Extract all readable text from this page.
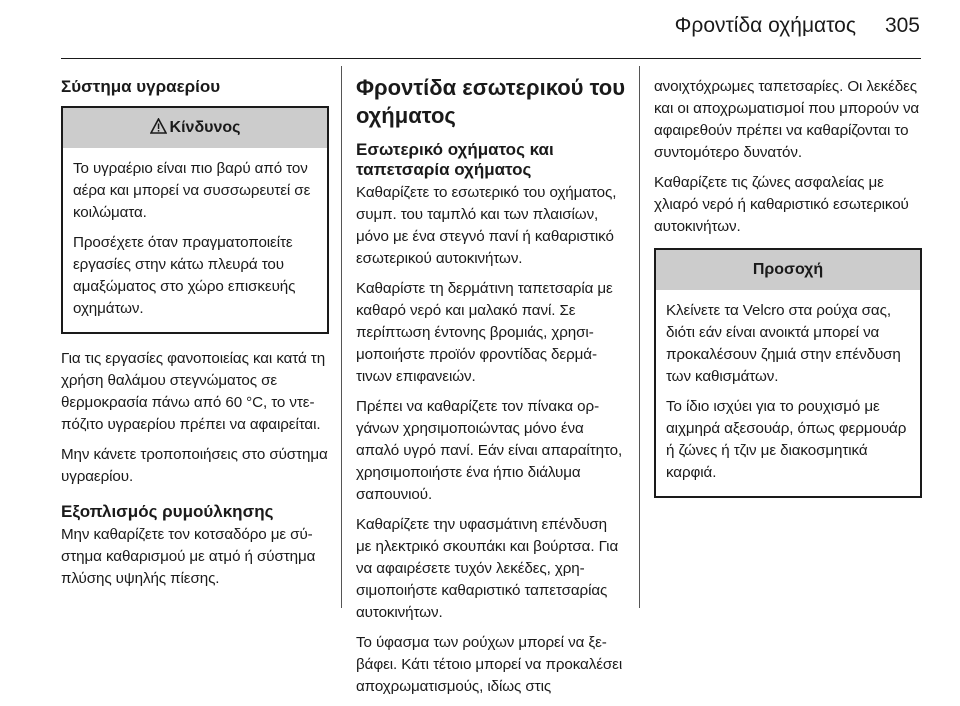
Φροντίδα οχήματος 305
Σύστημα υγραερίου
Κίνδυνος

Το υγραέριο είναι πιο βαρύ από τον αέρα και μπορεί να συσσωρευτεί σε κοιλώματα.

Προσέχετε όταν πραγματοποιείτε εργασίες στην κάτω πλευρά του αμαξώματος στο χώρο επισκευής οχημάτων.

Για τις εργασίες φανοποιείας και κατά τη χρήση θαλάμου στεγνώματος σε θερμοκρασία πάνω από 60 °C, το ντεπόζιτο υγραερίου πρέπει να αφαιρείται.

Μην κάνετε τροποποιήσεις στο σύστημα υγραερίου.

Εξοπλισμός ρυμούλκησης

Μην καθαρίζετε τον κοτσαδόρο με σύστημα καθαρισμού με ατμό ή σύστημα πλύσης υψηλής πίεσης.

Φροντίδα εσωτερικού του οχήματος
Εσωτερικό οχήματος και ταπετσαρία οχήματος

Καθαρίζετε το εσωτερικό του οχήματος, συμπ. του ταμπλό και των πλαισίων, μόνο με ένα στεγνό πανί ή καθαριστικό εσωτερικού αυτοκινήτων.

Καθαρίστε τη δερμάτινη ταπετσαρία με καθαρό νερό και μαλακό πανί. Σε περίπτωση έντονης βρομιάς, χρησιμοποιήστε προϊόν φροντίδας δερμάτινων επιφανειών.

Πρέπει να καθαρίζετε τον πίνακα οργάνων χρησιμοποιώντας μόνο ένα απαλό υγρό πανί. Εάν είναι απαραίτητο, χρησιμοποιήστε ένα ήπιο διάλυμα σαπουνιού.

Καθαρίζετε την υφασμάτινη επένδυση με ηλεκτρικό σκουπάκι και βούρτσα. Για να αφαιρέσετε τυχόν λεκέδες, χρησιμοποιήστε καθαριστικό ταπετσαρίας αυτοκινήτων.

Το ύφασμα των ρούχων μπορεί να ξεβάφει. Κάτι τέτοιο μπορεί να προκαλέσει αποχρωματισμούς, ιδίως στις

ανοιχτόχρωμες ταπετσαρίες. Οι λεκέδες και οι αποχρωματισμοί που μπορούν να αφαιρεθούν πρέπει να καθαρίζονται το συντομότερο δυνατόν.

Καθαρίζετε τις ζώνες ασφαλείας με χλιαρό νερό ή καθαριστικό εσωτερικού αυτοκινήτων.

Προσοχή

Κλείνετε τα Velcro στα ρούχα σας, διότι εάν είναι ανοικτά μπορεί να προκαλέσουν ζημιά στην επένδυση των καθισμάτων.

Το ίδιο ισχύει για το ρουχισμό με αιχμηρά αξεσουάρ, όπως φερμουάρ ή ζώνες ή τζιν με διακοσμητικά καρφιά.
